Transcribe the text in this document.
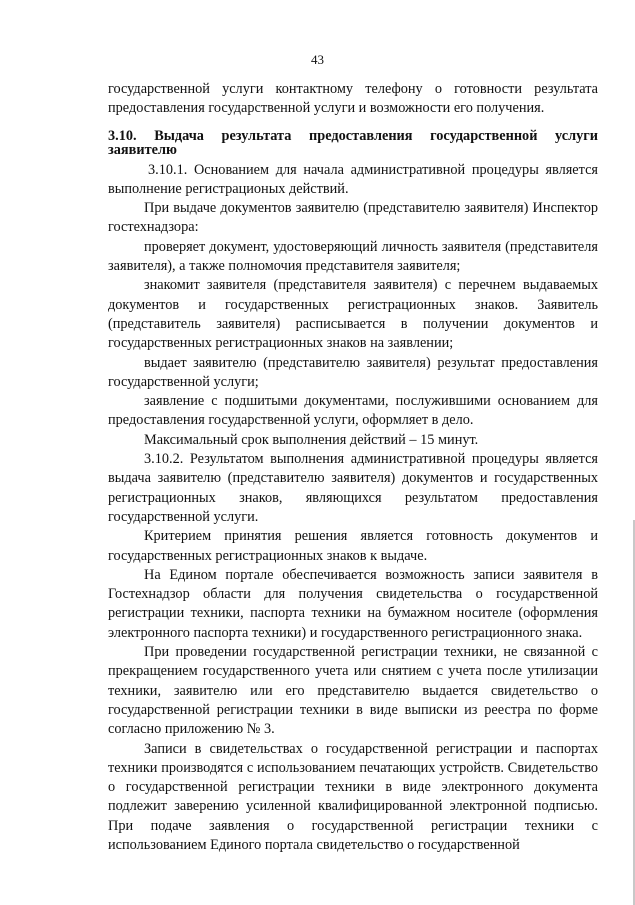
43

государственной услуги контактному телефону о готовности результата предоставления государственной услуги и возможности его получения.

3.10. Выдача результата предоставления государственной услуги заявителю

3.10.1. Основанием для начала административной процедуры является выполнение регистрационых действий.

При выдаче документов заявителю (представителю заявителя) Инспектор гостехнадзора:

проверяет документ, удостоверяющий личность заявителя (представителя заявителя), а также полномочия представителя заявителя;

знакомит заявителя (представителя заявителя) с перечнем выдаваемых документов и государственных регистрационных знаков. Заявитель (представитель заявителя) расписывается в получении документов и государственных регистрационных знаков на заявлении;

выдает заявителю (представителю заявителя) результат предоставления государственной услуги;

заявление с подшитыми документами, послужившими основанием для предоставления государственной услуги, оформляет в дело.

Максимальный срок выполнения действий – 15 минут.

3.10.2. Результатом выполнения административной процедуры является выдача заявителю (представителю заявителя) документов и государственных регистрационных знаков, являющихся результатом предоставления государственной услуги.

Критерием принятия решения является готовность документов и государственных регистрационных знаков к выдаче.

На Едином портале обеспечивается возможность записи заявителя в Гостехнадзор области для получения свидетельства о государственной регистрации техники, паспорта техники на бумажном носителе (оформления электронного паспорта техники) и государственного регистрационного знака.

При проведении государственной регистрации техники, не связанной с прекращением государственного учета или снятием с учета после утилизации техники, заявителю или его представителю выдается свидетельство о государственной регистрации техники в виде выписки из реестра по форме согласно приложению № 3.

Записи в свидетельствах о государственной регистрации и паспортах техники производятся с использованием печатающих устройств. Свидетельство о государственной регистрации техники в виде электронного документа подлежит заверению усиленной квалифицированной электронной подписью. При подаче заявления о государственной регистрации техники с использованием Единого портала свидетельство о государственной
